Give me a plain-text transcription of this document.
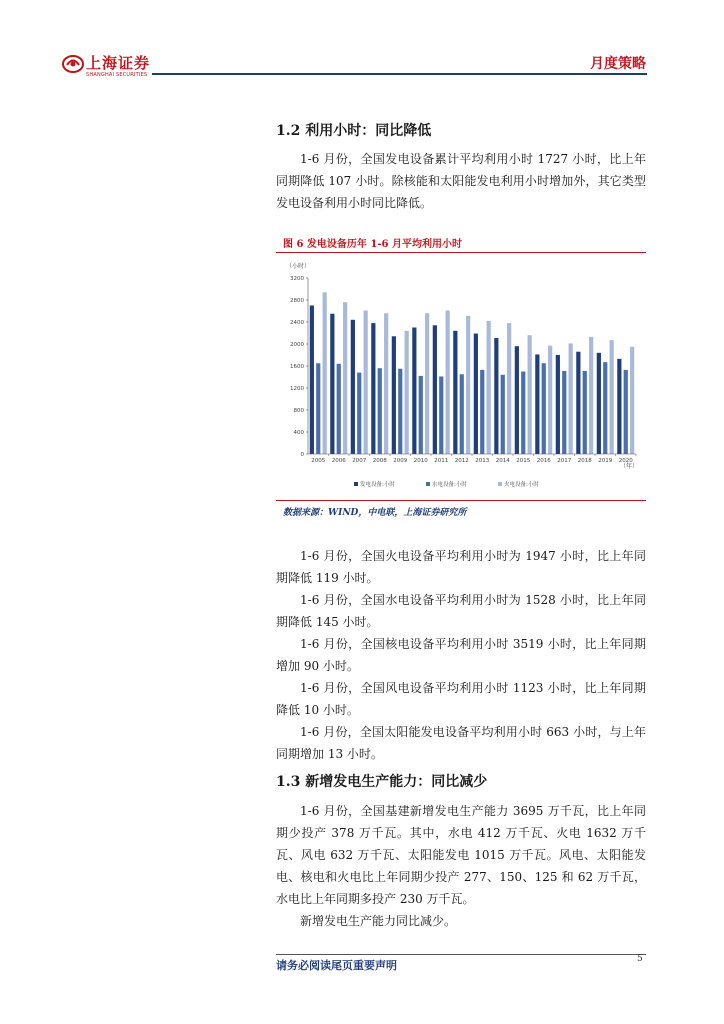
上海证券
SHANGHAI SECURITIES
月度策略
1.2 利用小时：同比降低

1-6 月份，全国发电设备累计平均利用小时 1727 小时，比上年同期降低 107 小时。除核能和太阳能发电利用小时增加外，其它类型发电设备利用小时同比降低。

图 6 发电设备历年 1-6 月平均利用小时
（小时）
0
400
800
1200
1600
2000
2400
2800
3200
2005 2006 2007 2008 2009 2010 2011 2012 2013 2014 2015 2016 2017 2018 2019 2020
（年）
发电设备:小时	水电设备:小时	火电设备:小时
数据来源：WIND，中电联，上海证券研究所

1-6 月份，全国火电设备平均利用小时为 1947 小时，比上年同期降低 119 小时。

1-6 月份，全国水电设备平均利用小时为 1528 小时，比上年同期降低 145 小时。

1-6 月份，全国核电设备平均利用小时 3519 小时，比上年同期增加 90 小时。

1-6 月份，全国风电设备平均利用小时 1123 小时，比上年同期降低 10 小时。

1-6 月份，全国太阳能发电设备平均利用小时 663 小时，与上年同期增加 13 小时。

1.3 新增发电生产能力：同比减少

1-6 月份，全国基建新增发电生产能力 3695 万千瓦，比上年同期少投产 378 万千瓦。其中，水电 412 万千瓦、火电 1632 万千瓦、风电 632 万千瓦、太阳能发电 1015 万千瓦。风电、太阳能发电、核电和火电比上年同期少投产 277、150、125 和 62 万千瓦，水电比上年同期多投产 230 万千瓦。

新增发电生产能力同比减少。

请务必阅读尾页重要声明	5
